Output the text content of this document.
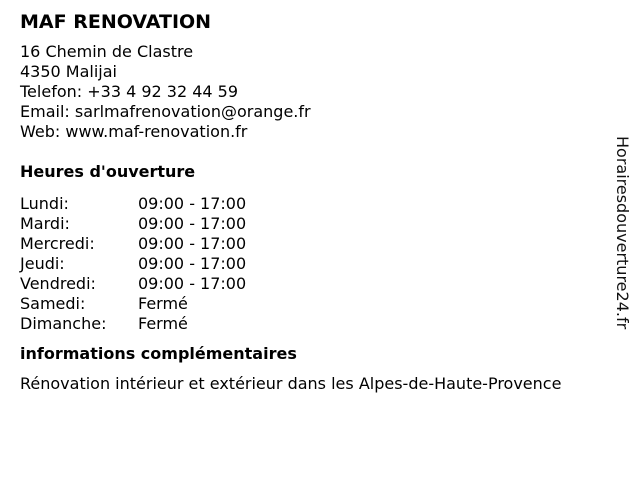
MAF RENOVATION
16 Chemin de Clastre
4350 Malijai
Telefon: +33 4 92 32 44 59
Email: sarlmafrenovation@orange.fr
Web: www.maf-renovation.fr
Heures d'ouverture
Lundi:	09:00 - 17:00
Mardi:	09:00 - 17:00
Mercredi:	09:00 - 17:00
Jeudi:	09:00 - 17:00
Vendredi:	09:00 - 17:00
Samedi:	Fermé
Dimanche:	Fermé
informations complémentaires
Rénovation intérieur et extérieur dans les Alpes-de-Haute-Provence
Horairesdouverture24.fr
